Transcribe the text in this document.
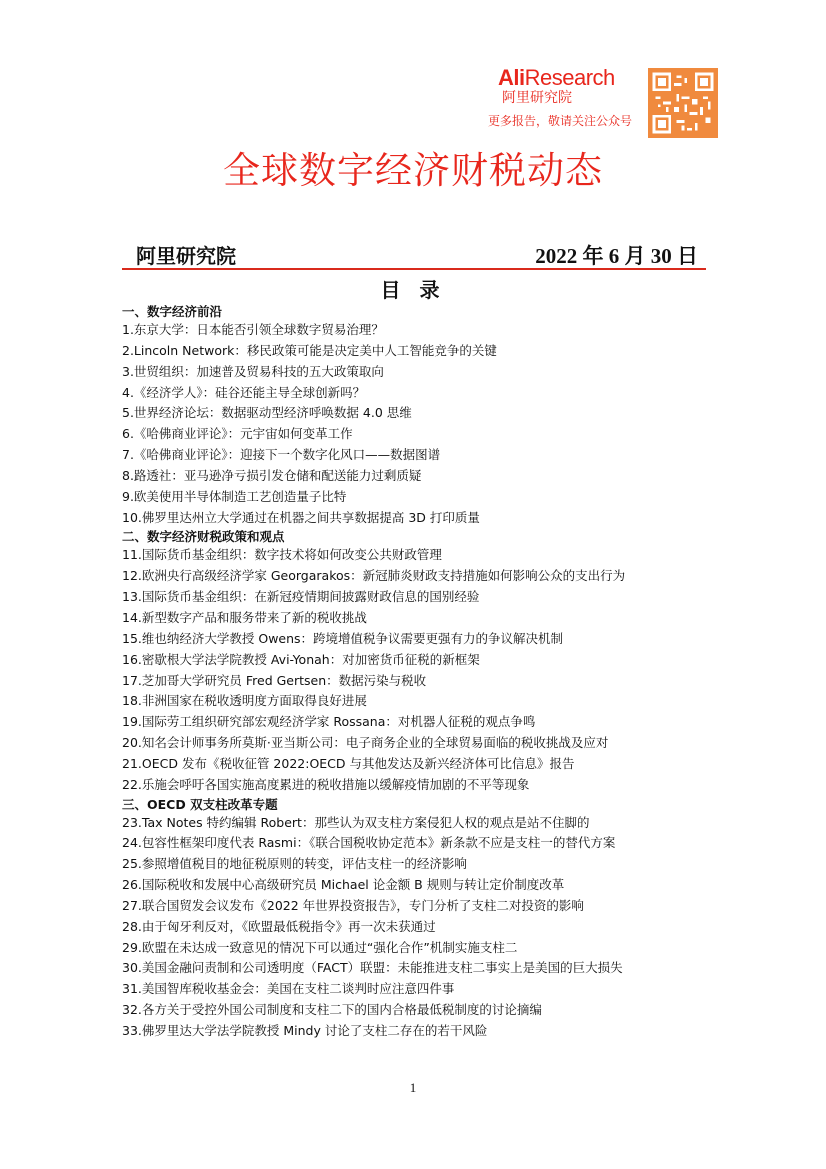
AliResearch
阿里研究院
更多报告，敬请关注公众号
全球数字经济财税动态
阿里研究院	2022 年 6 月 30 日
目 录
一、数字经济前沿
1.东京大学：日本能否引领全球数字贸易治理？
2.Lincoln Network：移民政策可能是决定美中人工智能竞争的关键
3.世贸组织：加速普及贸易科技的五大政策取向
4.《经济学人》：硅谷还能主导全球创新吗？
5.世界经济论坛：数据驱动型经济呼唤数据 4.0 思维
6.《哈佛商业评论》：元宇宙如何变革工作
7.《哈佛商业评论》：迎接下一个数字化风口——数据图谱
8.路透社：亚马逊净亏损引发仓储和配送能力过剩质疑
9.欧美使用半导体制造工艺创造量子比特
10.佛罗里达州立大学通过在机器之间共享数据提高 3D 打印质量
二、数字经济财税政策和观点
11.国际货币基金组织：数字技术将如何改变公共财政管理
12.欧洲央行高级经济学家 Georgarakos：新冠肺炎财政支持措施如何影响公众的支出行为
13.国际货币基金组织：在新冠疫情期间披露财政信息的国别经验
14.新型数字产品和服务带来了新的税收挑战
15.维也纳经济大学教授 Owens：跨境增值税争议需要更强有力的争议解决机制
16.密歇根大学法学院教授 Avi-Yonah：对加密货币征税的新框架
17.芝加哥大学研究员 Fred Gertsen：数据污染与税收
18.非洲国家在税收透明度方面取得良好进展
19.国际劳工组织研究部宏观经济学家 Rossana：对机器人征税的观点争鸣
20.知名会计师事务所莫斯·亚当斯公司：电子商务企业的全球贸易面临的税收挑战及应对
21.OECD 发布《税收征管 2022:OECD 与其他发达及新兴经济体可比信息》报告
22.乐施会呼吁各国实施高度累进的税收措施以缓解疫情加剧的不平等现象
三、OECD 双支柱改革专题
23.Tax Notes 特约编辑 Robert：那些认为双支柱方案侵犯人权的观点是站不住脚的
24.包容性框架印度代表 Rasmi：《联合国税收协定范本》新条款不应是支柱一的替代方案
25.参照增值税目的地征税原则的转变，评估支柱一的经济影响
26.国际税收和发展中心高级研究员 Michael 论金额 B 规则与转让定价制度改革
27.联合国贸发会议发布《2022 年世界投资报告》，专门分析了支柱二对投资的影响
28.由于匈牙利反对，《欧盟最低税指令》再一次未获通过
29.欧盟在未达成一致意见的情况下可以通过“强化合作”机制实施支柱二
30.美国金融问责制和公司透明度（FACT）联盟：未能推进支柱二事实上是美国的巨大损失
31.美国智库税收基金会：美国在支柱二谈判时应注意四件事
32.各方关于受控外国公司制度和支柱二下的国内合格最低税制度的讨论摘编
33.佛罗里达大学法学院教授 Mindy 讨论了支柱二存在的若干风险
1
